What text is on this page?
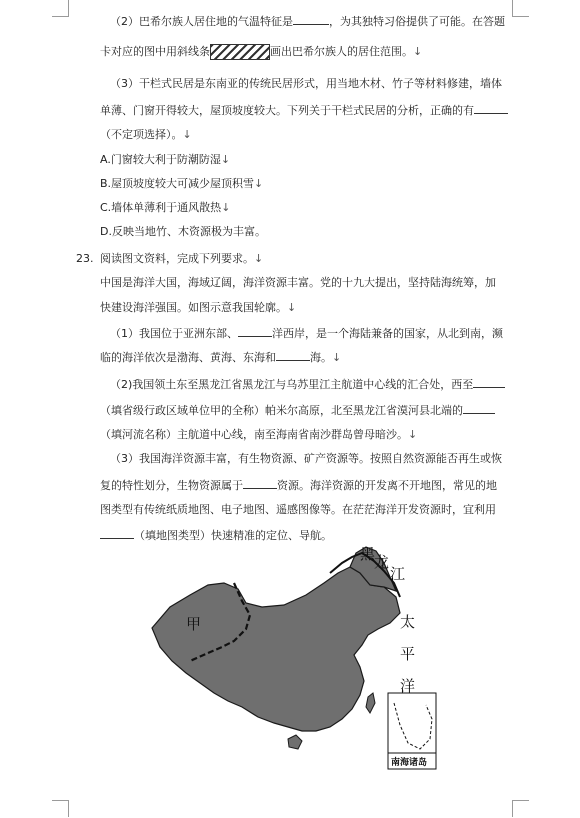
（2）巴希尔族人居住地的气温特征是	，为其独特习俗提供了可能。在答题
卡对应的图中用斜线条	画出巴希尔族人的居住范围。↓
（3）干栏式民居是东南亚的传统民居形式，用当地木材、竹子等材料修建，墙体
单薄、门窗开得较大，屋顶坡度较大。下列关于干栏式民居的分析，正确的有
（不定项选择）。↓
A.门窗较大利于防潮防湿↓
B.屋顶坡度较大可减少屋顶积雪↓
C.墙体单薄利于通风散热↓
D.反映当地竹、木资源极为丰富。
23. 阅读图文资料，完成下列要求。↓
中国是海洋大国，海域辽阔，海洋资源丰富。党的十九大提出，坚持陆海统筹，加
快建设海洋强国。如图示意我国轮廓。↓
（1）我国位于亚洲东部、	洋西岸，是一个海陆兼备的国家，从北到南，濒
临的海洋依次是渤海、黄海、东海和	海。↓
（2)我国领土东至黑龙江省黑龙江与乌苏里江主航道中心线的汇合处，西至
（填省级行政区域单位甲的全称）帕米尔高原，北至黑龙江省漠河县北端的
（填河流名称）主航道中心线，南至海南省南沙群岛曾母暗沙。↓
（3）我国海洋资源丰富，有生物资源、矿产资源等。按照自然资源能否再生或恢
复的特性划分，生物资源属于	资源。海洋资源的开发离不开地图，常见的地
图类型有传统纸质地图、电子地图、遥感图像等。在茫茫海洋开发资源时，宜利用
（填地图类型）快速精准的定位、导航。
甲
黑
龙
江
太
平
洋
南海诸岛
